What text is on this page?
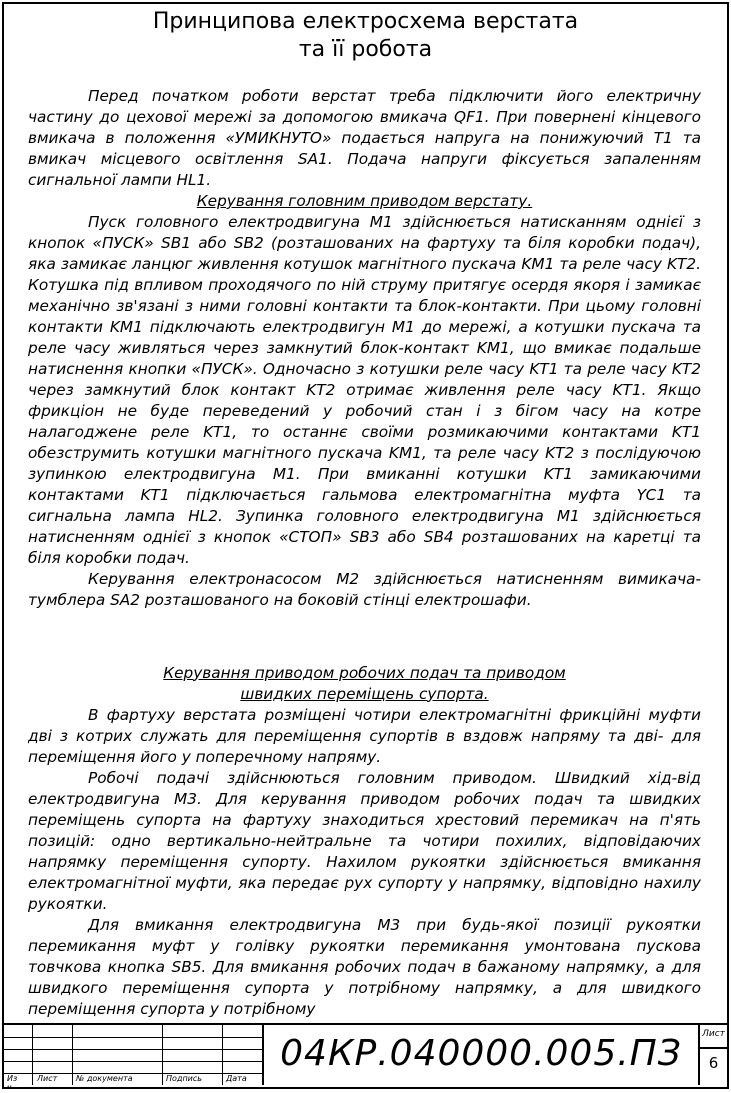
Принципова електросхема верстата
та її робота

Перед початком роботи верстат треба підключити його електричну частину до цехової мережі за допомогою вмикача QF1. При повернені кінцевого вмикача в положення «УМИКНУТО» подається напруга на понижуючий T1 та вмикач місцевого освітлення SA1. Подача напруги фіксується запаленням сигнальної лампи HL1.

Керування головним приводом верстату.

Пуск головного електродвигуна M1 здійснюється натисканням однієї з кнопок «ПУСК» SB1 або SB2 (розташованих на фартуху та біля коробки подач), яка замикає ланцюг живлення котушок магнітного пускача KM1 та реле часу KT2. Котушка під впливом проходячого по ній струму притягує осердя якоря і замикає механічно зв'язані з ними головні контакти та блок-контакти. При цьому головні контакти KM1 підключають електродвигун M1 до мережі, а котушки пускача та реле часу живляться через замкнутий блок-контакт KM1, що вмикає подальше натиснення кнопки «ПУСК». Одночасно з котушки реле часу KT1 та реле часу KT2 через замкнутий блок контакт KT2 отримає живлення реле часу KT1. Якщо фрикціон не буде переведений у робочий стан і з бігом часу на котре налагоджене реле KT1, то останнє своїми розмикаючими контактами KT1 обезструмить котушки магнітного пускача KM1, та реле часу KT2 з послідуючою зупинкою електродвигуна M1. При вмиканні котушки KT1 замикаючими контактами KT1 підключається гальмова електромагнітна муфта YC1 та сигнальна лампа HL2. Зупинка головного електродвигуна M1 здійснюється натисненням однієї з кнопок «СТОП» SB3 або SB4 розташованих на каретці та біля коробки подач.

Керування електронасосом M2 здійснюється натисненням вимикача-тумблера SA2 розташованого на боковій стінці електрошафи.

Керування приводом робочих подач та приводом

швидких переміщень супорта.

В фартуху верстата розміщені чотири електромагнітні фрикційні муфти дві з котрих служать для переміщення супортів в вздовж напряму та дві- для переміщення його у поперечному напряму.

Робочі подачі здійснюються головним приводом. Швидкий хід-від електродвигуна M3. Для керування приводом робочих подач та швидких переміщень супорта на фартуху знаходиться хрестовий перемикач на п'ять позицій: одно вертикально-нейтральне та чотири похилих, відповідаючих напрямку переміщення супорту. Нахилом рукоятки здійснюється вмикання електромагнітної муфти, яка передає рух супорту у напрямку, відповідно нахилу рукоятки.

Для вмикання електродвигуна M3 при будь-якої позиції рукоятки перемикання муфт у голівку рукоятки перемикання умонтована пускова товчкова кнопка SB5. Для вмикання робочих подач в бажаному напрямку, а для швидкого переміщення супорта у потрібному напрямку, а для швидкого переміщення супорта у потрібному

Из Лист № документа	Подпись	Дата
м
04КР.040000.005.ПЗ	Лист
6
